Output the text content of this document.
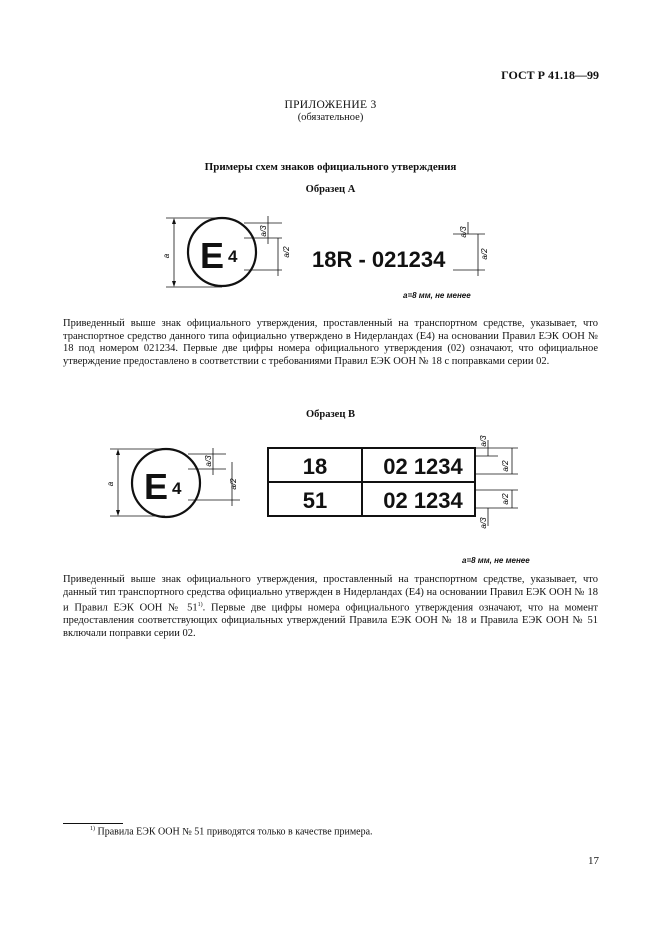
ГОСТ Р 41.18—99
ПРИЛОЖЕНИЕ 3
(обязательное)
Примеры схем знаков официального утверждения
Образец А
a E 4
a/3
a/2 18R - 021234
a/3
a/2
a=8 мм, не менее
a E 4
a/3
a/2
18	02 1234
51	02 1234
a/3
a/2
a/2
a/3
a=8 мм, не менее
Приведенный выше знак официального утверждения, проставленный на транспортном средстве, указывает, что транспортное средство данного типа официально утверждено в Нидерландах (Е4) на основании Правил ЕЭК ООН № 18 под номером 021234. Первые две цифры номера официального утверждения (02) означают, что официальное утверждение предоставлено в соответствии с требованиями Правил ЕЭК ООН № 18 с поправками серии 02.
Образец В
Приведенный выше знак официального утверждения, проставленный на транспортном средстве, указывает, что данный тип транспортного средства официально утвержден в Нидерландах (Е4) на основании Правил ЕЭК ООН № 18 и Правил ЕЭК ООН № 51$^{1)}$. Первые две цифры номера официального утверждения означают, что на момент предоставления соответствующих официальных утверждений Правила ЕЭК ООН № 18 и Правила ЕЭК ООН № 51 включали поправки серии 02.
$^{1)}$ Правила ЕЭК ООН № 51 приводятся только в качестве примера.
17
